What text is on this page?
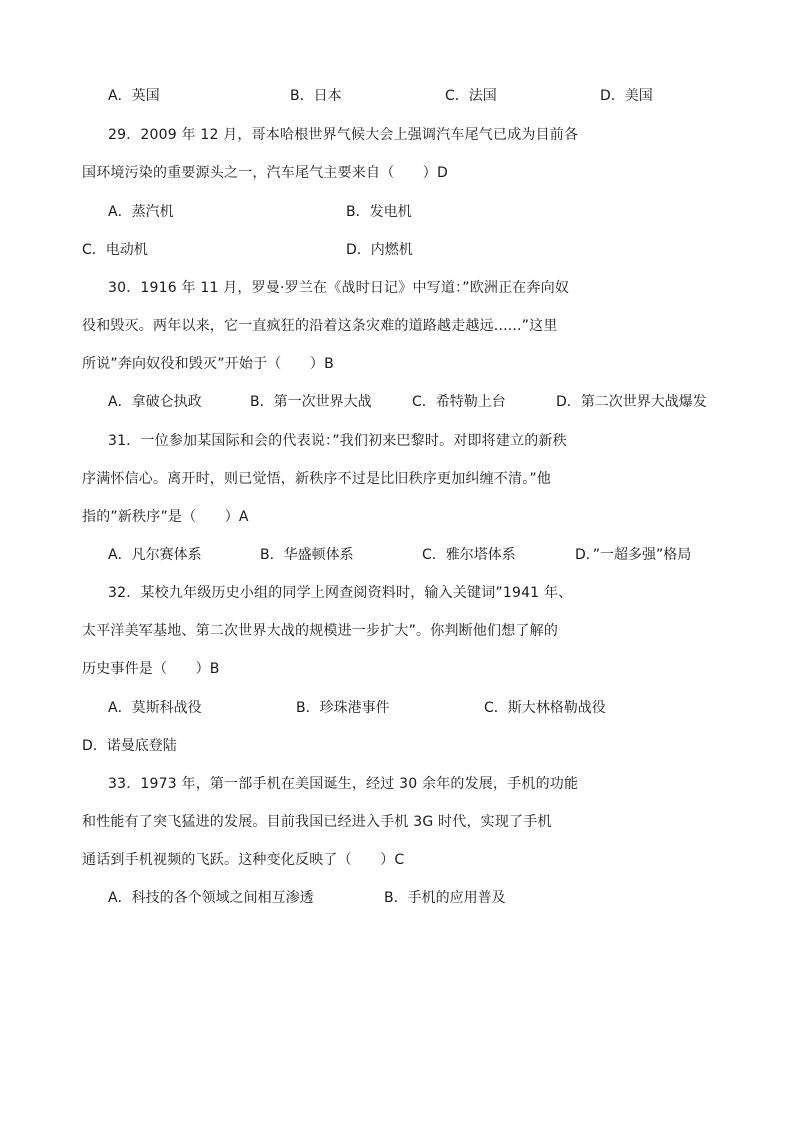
A．英国	B．日本	C．法国	D．美国
29．2009 年 12 月，哥本哈根世界气候大会上强调汽车尾气已成为目前各
国环境污染的重要源头之一，汽车尾气主要来自（　　）D
A．蒸汽机	B．发电机
C．电动机	D．内燃机
30．1916 年 11 月，罗曼·罗兰在《战时日记》中写道：”欧洲正在奔向奴
役和毁灭。两年以来，它一直疯狂的沿着这条灾难的道路越走越远......”这里
所说”奔向奴役和毁灭”开始于（　　）B
A．拿破仑执政	B．第一次世界大战	C．希特勒上台	D．第二次世界大战爆发
31．一位参加某国际和会的代表说：”我们初来巴黎时。对即将建立的新秩
序满怀信心。离开时，则已觉悟，新秩序不过是比旧秩序更加纠缠不清。”他
指的”新秩序”是（　　）A
A．凡尔赛体系	B．华盛顿体系	C．雅尔塔体系	D．”一超多强”格局
32．某校九年级历史小组的同学上网查阅资料时，输入关键词”1941 年、
太平洋美军基地、第二次世界大战的规模进一步扩大”。你判断他们想了解的
历史事件是（　　）B
A．莫斯科战役	B．珍珠港事件	C．斯大林格勒战役
D．诺曼底登陆
33．1973 年，第一部手机在美国诞生，经过 30 余年的发展，手机的功能
和性能有了突飞猛进的发展。目前我国已经进入手机 3G 时代，实现了手机
通话到手机视频的飞跃。这种变化反映了（　　）C
A．科技的各个领域之间相互渗透	B．手机的应用普及
